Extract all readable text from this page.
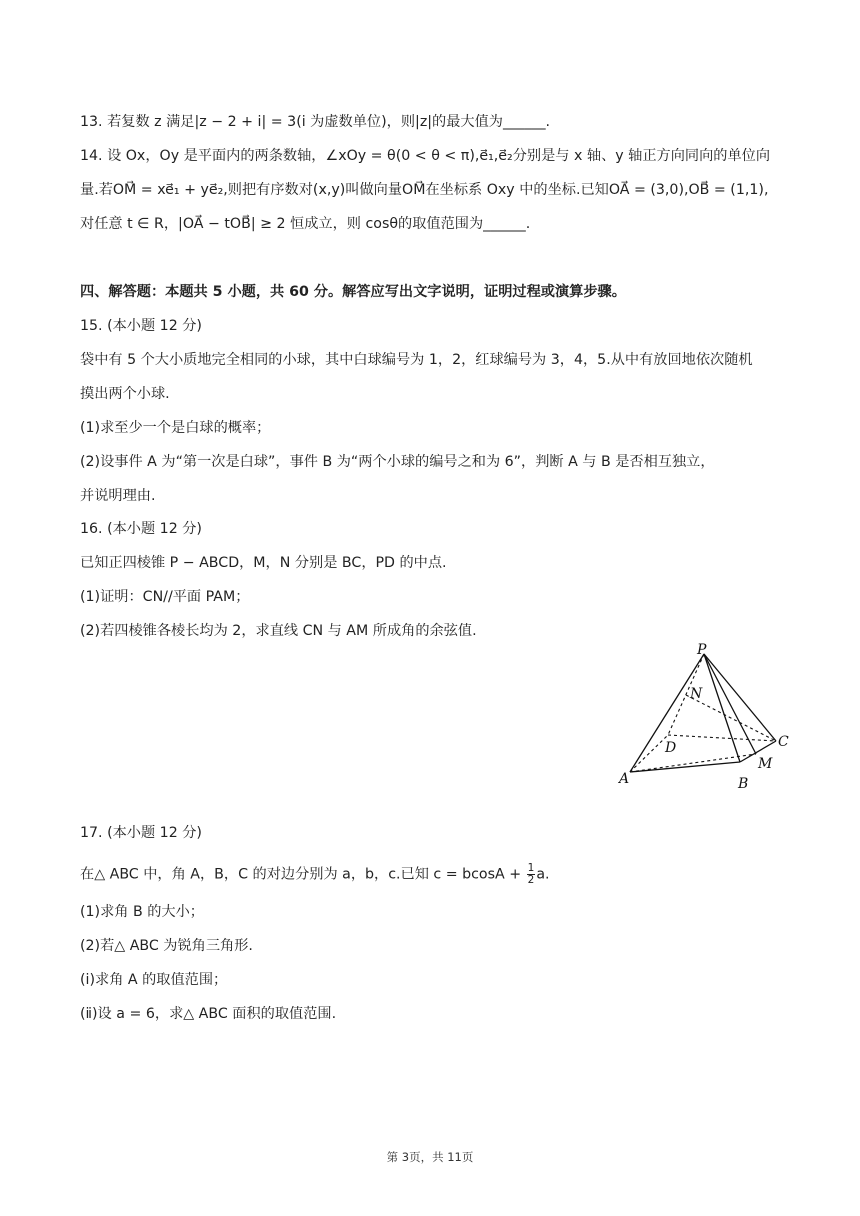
13. 若复数 z 满足|z − 2 + i| = 3(i 为虚数单位)，则|z|的最大值为______.
14. 设 Ox，Oy 是平面内的两条数轴，∠xOy = θ(0 < θ < π),e⃗₁,e⃗₂分别是与 x 轴、y 轴正方向同向的单位向
量.若OM⃗ = xe⃗₁ + ye⃗₂,则把有序数对(x,y)叫做向量OM⃗在坐标系 Oxy 中的坐标.已知OA⃗ = (3,0),OB⃗ = (1,1),
对任意 t ∈ R，|OA⃗ − tOB⃗| ≥ 2 恒成立，则 cosθ的取值范围为______.
四、解答题：本题共 5 小题，共 60 分。解答应写出文字说明，证明过程或演算步骤。
15. (本小题 12 分)
袋中有 5 个大小质地完全相同的小球，其中白球编号为 1，2，红球编号为 3，4，5.从中有放回地依次随机
摸出两个小球.
(1)求至少一个是白球的概率；
(2)设事件 A 为“第一次是白球”，事件 B 为“两个小球的编号之和为 6”，判断 A 与 B 是否相互独立，
并说明理由.
16. (本小题 12 分)
已知正四棱锥 P − ABCD，M，N 分别是 BC，PD 的中点.
(1)证明：CN//平面 PAM；
(2)若四棱锥各棱长均为 2，求直线 CN 与 AM 所成角的余弦值.
P
N
D	C
A
M
B
17. (本小题 12 分)
在△ ABC 中，角 A，B，C 的对边分别为 a，b，c.已知 $c = bcosA + \frac{1}{2} a$.
(1)求角 B 的大小；
(2)若△ ABC 为锐角三角形.
(ⅰ)求角 A 的取值范围；
(ⅱ)设 a = 6，求△ ABC 面积的取值范围.
第 3页，共 11页
